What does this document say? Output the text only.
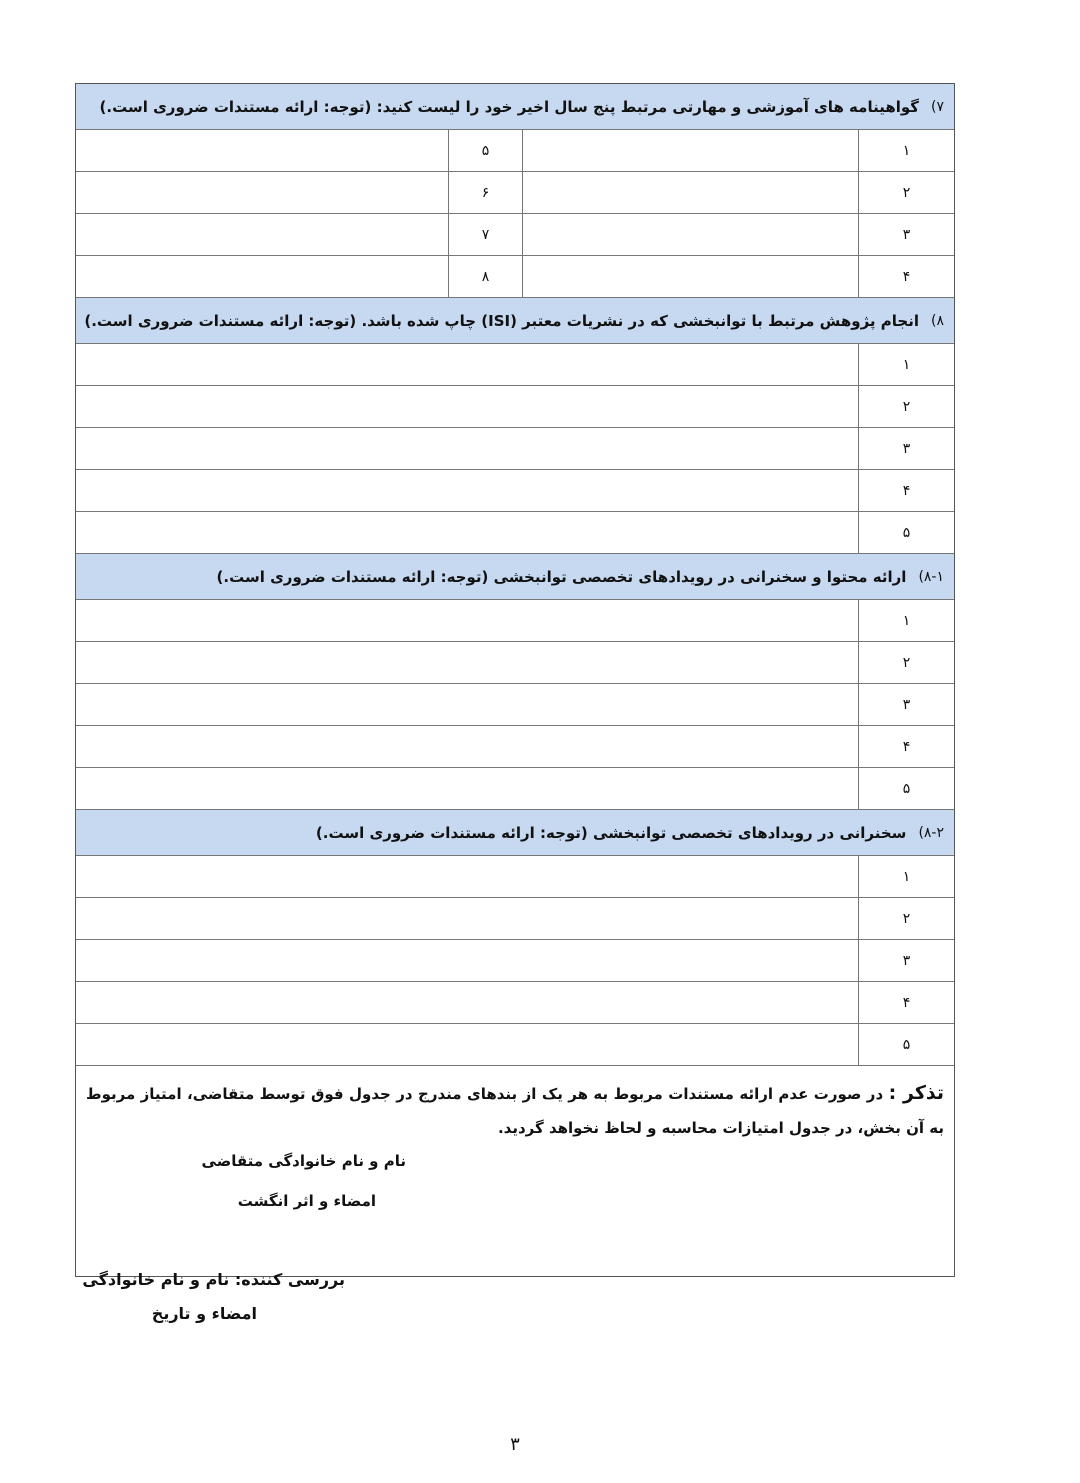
۷)
گواهینامه های آموزشی و مهارتی مرتبط پنج سال اخیر خود را لیست کنید: (توجه: ارائه مستندات ضروری است.)
۱
۵
۲
۶
۳
۷
۴
۸
۸)
انجام پژوهش مرتبط با توانبخشی که در نشریات معتبر (ISI) چاپ شده باشد. (توجه: ارائه مستندات ضروری است.)
۱
۲
۳
۴
۵
۸-۱)
ارائه محتوا و سخنرانی در رویدادهای تخصصی توانبخشی (توجه: ارائه مستندات ضروری است.)
۱
۲
۳
۴
۵
۸-۲)
سخنرانی در رویدادهای تخصصی توانبخشی (توجه: ارائه مستندات ضروری است.)
۱
۲
۳
۴
۵
تذکر : در صورت عدم ارائه مستندات مربوط به هر یک از بندهای مندرج در جدول فوق توسط متقاضی، امتیاز مربوط به آن بخش، در جدول امتیازات محاسبه و لحاظ نخواهد گردید.
نام و نام خانوادگی متقاضی
امضاء و اثر انگشت
بررسی کننده: نام و نام خانوادگی
امضاء و تاریخ
۳
